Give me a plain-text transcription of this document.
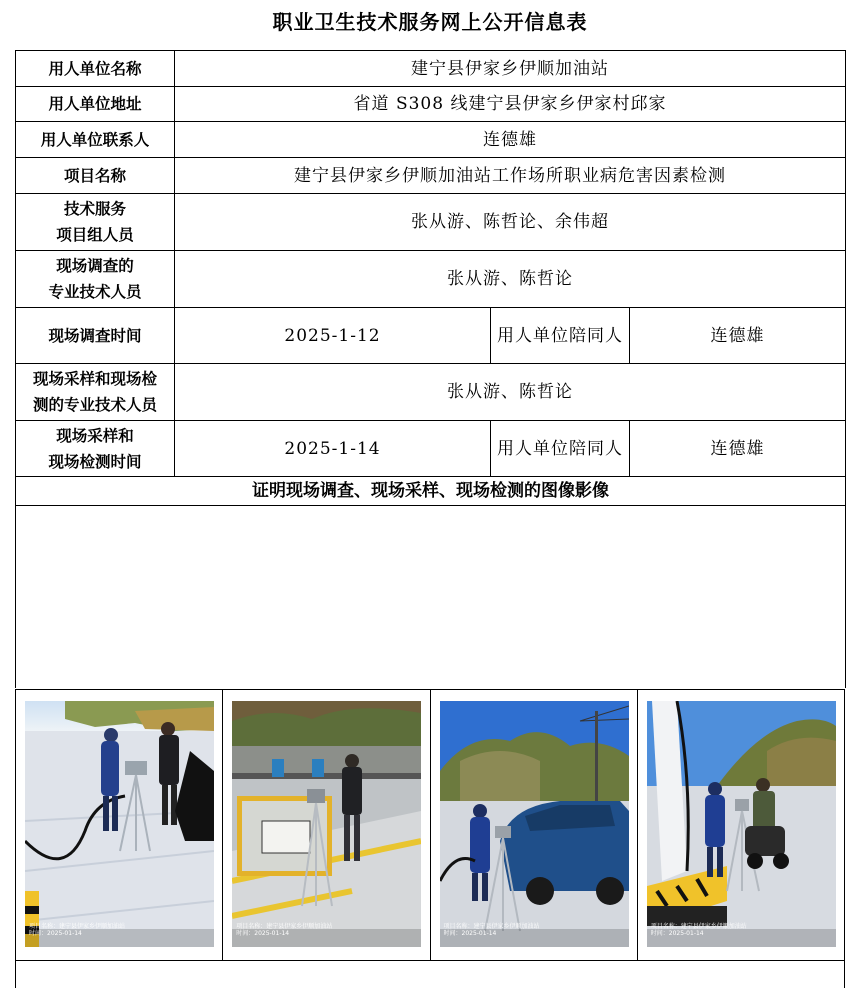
职业卫生技术服务网上公开信息表
用人单位名称	建宁县伊家乡伊顺加油站		
用人单位地址	省道 S308 线建宁县伊家乡伊家村邱家		
用人单位联系人	连德雄		
项目名称	建宁县伊家乡伊顺加油站工作场所职业病危害因素检测		

技术服务
项目组人员	张从游、陈哲论、余伟超		

现场调查的
专业技术人员	张从游、陈哲论		
现场调查时间	2025-1-12	用人单位陪同人	连德雄

现场采样和现场检
测的专业技术人员	张从游、陈哲论		

现场采样和
现场检测时间	2025-1-14	用人单位陪同人	连德雄
证明现场调查、现场采样、现场检测的图像影像			

项目名称：建宁县伊家乡伊顺加油站
时间：2025-01-14
项目名称：建宁县伊家乡伊顺加油站
时间：2025-01-14
项目名称：建宁县伊家乡伊顺加油站
时间：2025-01-14
项目名称：建宁县伊家乡伊顺加油站
时间：2025-01-14
